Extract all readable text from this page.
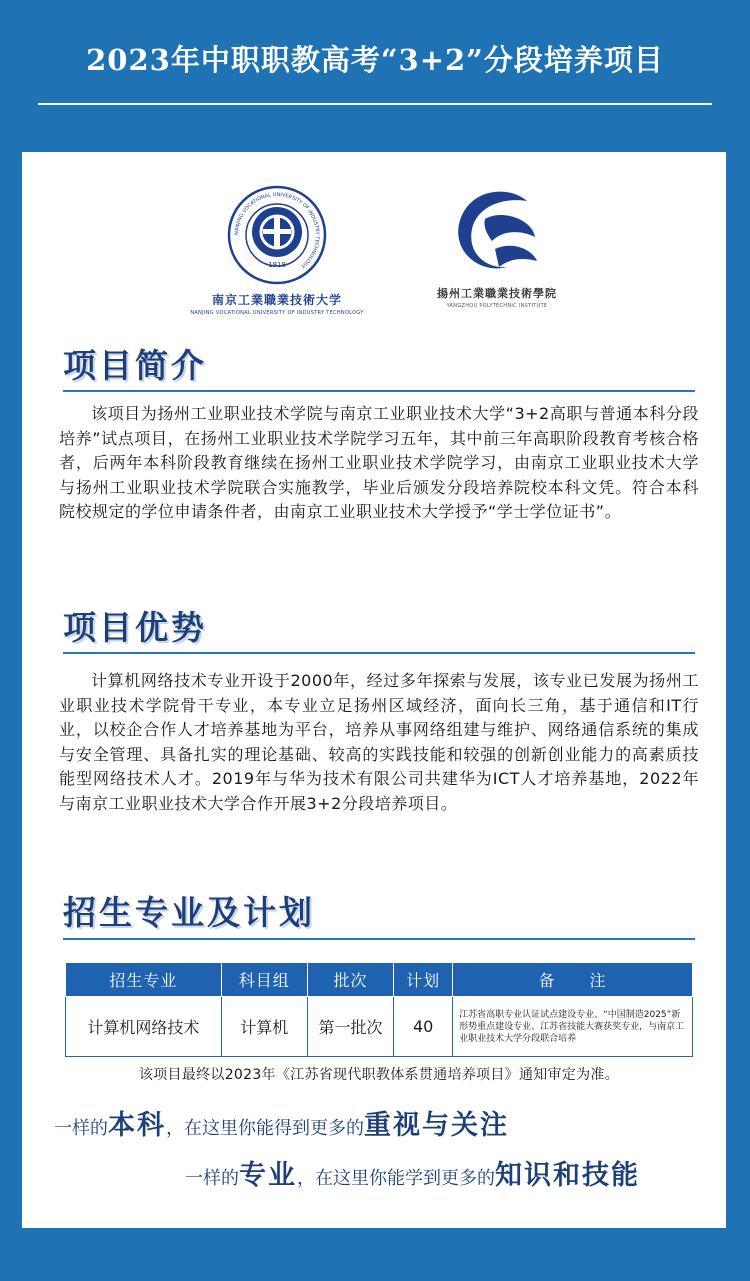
2023年中职职教高考“3+2”分段培养项目
NANJING VOCATIONAL UNIVERSITY OF INDUSTRY TECHNOLOGY
1918
南京工業職業技術大学
NANJING VOCATIONAL UNIVERSITY OF INDUSTRY TECHNOLOGY
揚州工業職業技術學院
YANGZHOU POLYTECHNIC INSTITUTE
项目简介
该项目为扬州工业职业技术学院与南京工业职业技术大学“3+2高职与普通本科分段培养”试点项目，在扬州工业职业技术学院学习五年，其中前三年高职阶段教育考核合格者，后两年本科阶段教育继续在扬州工业职业技术学院学习，由南京工业职业技术大学与扬州工业职业技术学院联合实施教学，毕业后颁发分段培养院校本科文凭。符合本科院校规定的学位申请条件者，由南京工业职业技术大学授予“学士学位证书”。
项目优势
计算机网络技术专业开设于2000年，经过多年探索与发展，该专业已发展为扬州工业职业技术学院骨干专业，本专业立足扬州区域经济，面向长三角，基于通信和IT行业，以校企合作人才培养基地为平台，培养从事网络组建与维护、网络通信系统的集成与安全管理、具备扎实的理论基础、较高的实践技能和较强的创新创业能力的高素质技能型网络技术人才。2019年与华为技术有限公司共建华为ICT人才培养基地，2022年与南京工业职业技术大学合作开展3+2分段培养项目。
招生专业及计划
招生专业	科目组	批次	计划	备　　注
计算机网络技术	计算机	第一批次	40	江苏省高职专业认证试点建设专业、“中国制造2025”新形势重点建设专业、江苏省技能大赛获奖专业，与南京工业职业技术大学分段联合培养
该项目最终以2023年《江苏省现代职教体系贯通培养项目》通知审定为准。
一样的本科，在这里你能得到更多的重视与关注
一样的专业，在这里你能学到更多的知识和技能
